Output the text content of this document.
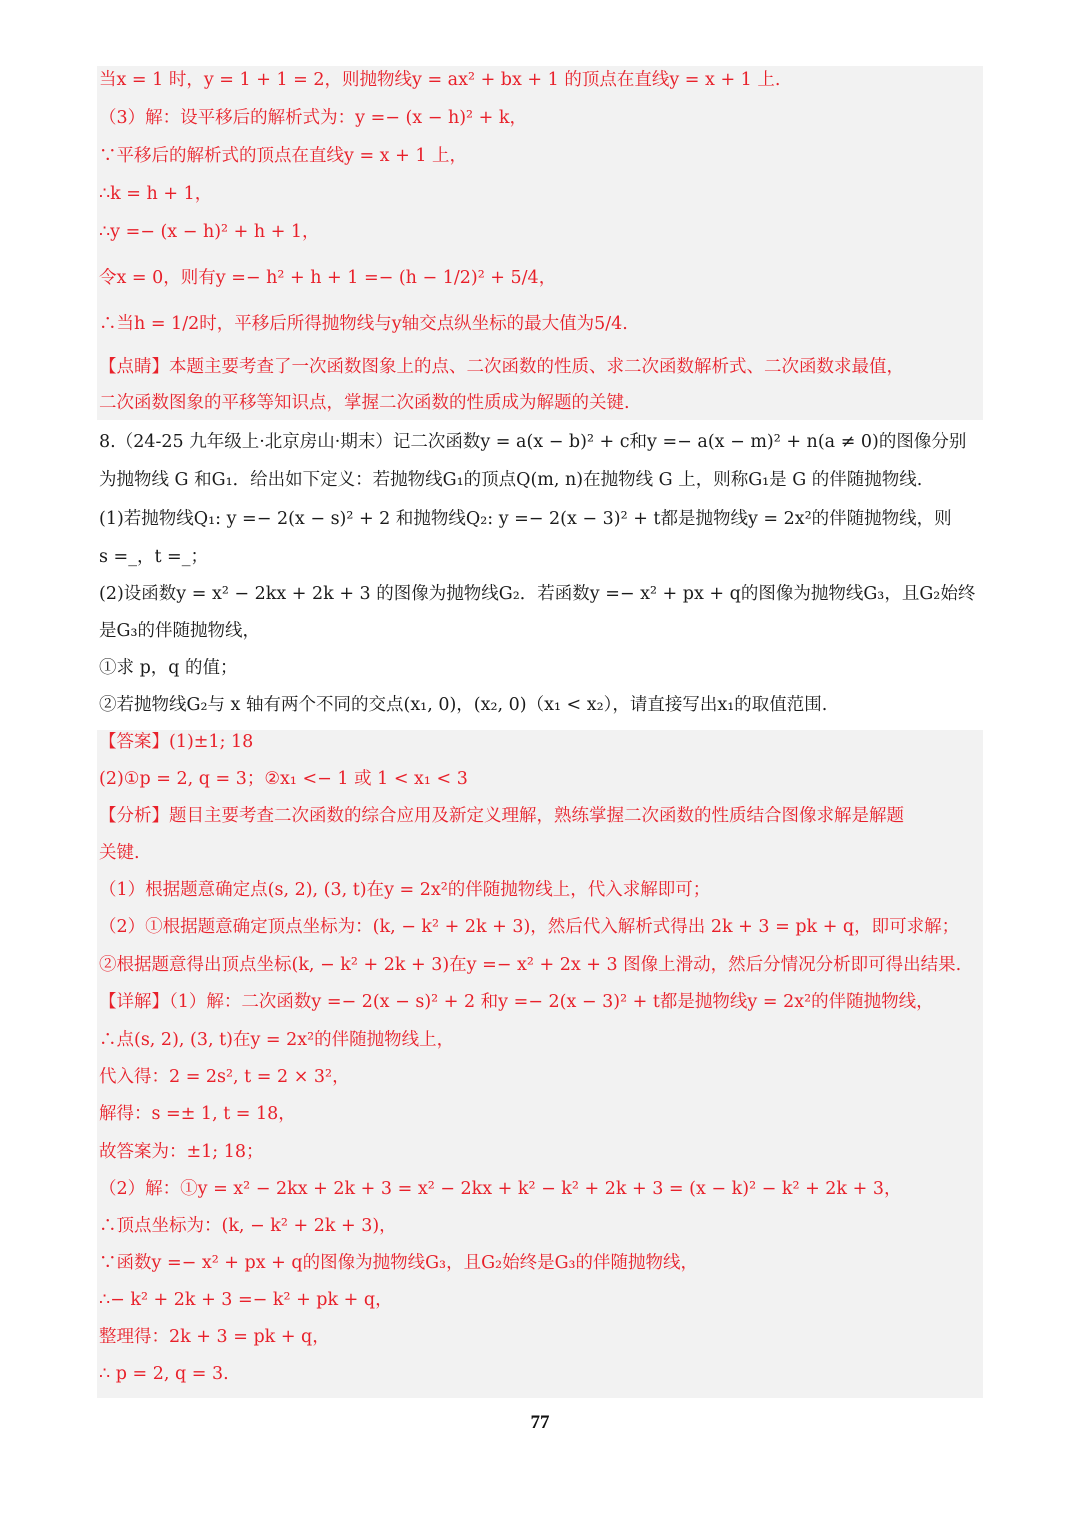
当x = 1 时，y = 1 + 1 = 2，则抛物线y = ax² + bx + 1 的顶点在直线y = x + 1 上.
（3）解：设平移后的解析式为：y =− (x − h)² + k，
∵平移后的解析式的顶点在直线y = x + 1 上，
∴k = h + 1，
∴y =− (x − h)² + h + 1，
令x = 0，则有y =− h² + h + 1 =− (h − 1/2)² + 5/4，
∴当h = 1/2时，平移后所得抛物线与y轴交点纵坐标的最大值为5/4.
【点睛】本题主要考查了一次函数图象上的点、二次函数的性质、求二次函数解析式、二次函数求最值，
二次函数图象的平移等知识点，掌握二次函数的性质成为解题的关键.
8.（24-25 九年级上·北京房山·期末）记二次函数y = a(x − b)² + c和y =− a(x − m)² + n(a ≠ 0)的图像分别
为抛物线 G 和G₁．给出如下定义：若抛物线G₁的顶点Q(m, n)在抛物线 G 上，则称G₁是 G 的伴随抛物线.
(1)若抛物线Q₁: y =− 2(x − s)² + 2 和抛物线Q₂: y =− 2(x − 3)² + t都是抛物线y = 2x²的伴随抛物线，则
s =_，t =_；
(2)设函数y = x² − 2kx + 2k + 3 的图像为抛物线G₂．若函数y =− x² + px + q的图像为抛物线G₃，且G₂始终
是G₃的伴随抛物线，
①求 p，q 的值；
②若抛物线G₂与 x 轴有两个不同的交点(x₁, 0)，(x₂, 0)（x₁ < x₂），请直接写出x₁的取值范围.
【答案】(1)±1; 18
(2)①p = 2, q = 3；②x₁ <− 1 或 1 < x₁ < 3
【分析】题目主要考查二次函数的综合应用及新定义理解，熟练掌握二次函数的性质结合图像求解是解题
关键.
（1）根据题意确定点(s, 2), (3, t)在y = 2x²的伴随抛物线上，代入求解即可；
（2）①根据题意确定顶点坐标为：(k, − k² + 2k + 3)，然后代入解析式得出 2k + 3 = pk + q，即可求解；
②根据题意得出顶点坐标(k, − k² + 2k + 3)在y =− x² + 2x + 3 图像上滑动，然后分情况分析即可得出结果.
【详解】（1）解：二次函数y =− 2(x − s)² + 2 和y =− 2(x − 3)² + t都是抛物线y = 2x²的伴随抛物线，
∴点(s, 2), (3, t)在y = 2x²的伴随抛物线上，
代入得：2 = 2s², t = 2 × 3²，
解得：s =± 1, t = 18，
故答案为：±1; 18；
（2）解：①y = x² − 2kx + 2k + 3 = x² − 2kx + k² − k² + 2k + 3 = (x − k)² − k² + 2k + 3，
∴顶点坐标为：(k, − k² + 2k + 3)，
∵函数y =− x² + px + q的图像为抛物线G₃，且G₂始终是G₃的伴随抛物线，
∴− k² + 2k + 3 =− k² + pk + q，
整理得：2k + 3 = pk + q，
∴ p = 2, q = 3.
77
